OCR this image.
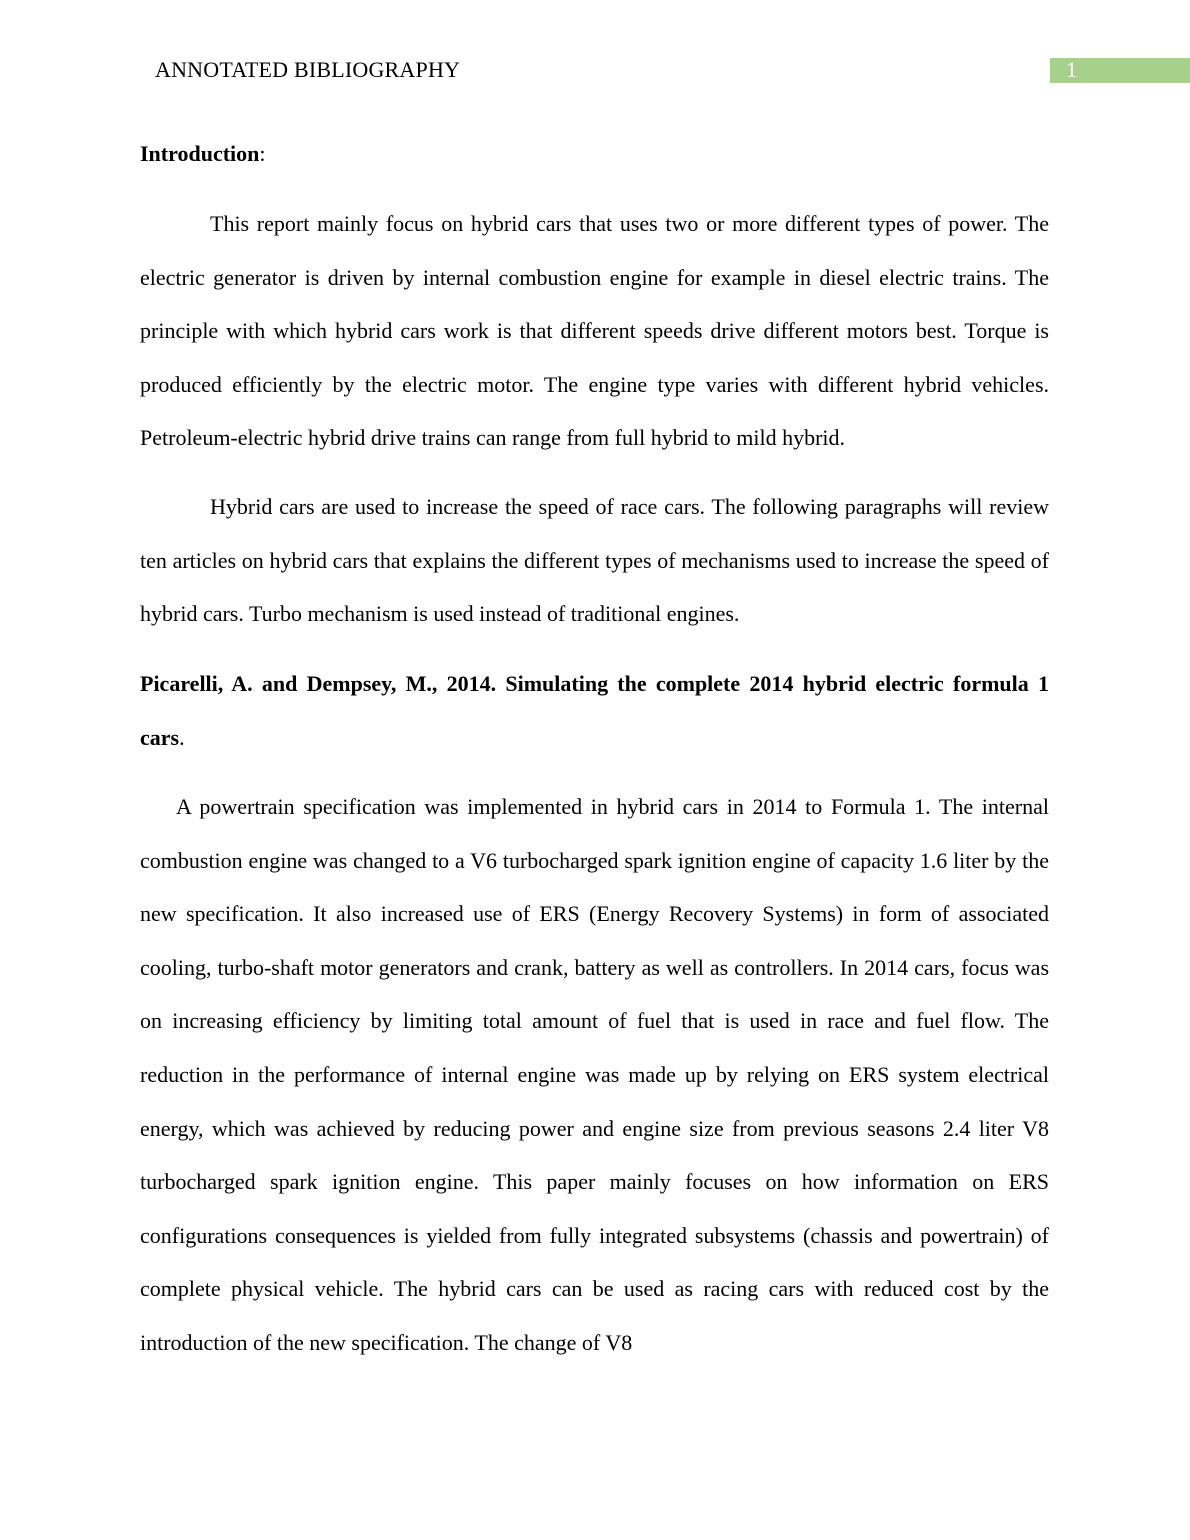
ANNOTATED BIBLIOGRAPHY	1
Introduction:
This report mainly focus on hybrid cars that uses two or more different types of power. The electric generator is driven by internal combustion engine for example in diesel electric trains. The principle with which hybrid cars work is that different speeds drive different motors best. Torque is produced efficiently by the electric motor. The engine type varies with different hybrid vehicles. Petroleum-electric hybrid drive trains can range from full hybrid to mild hybrid.
Hybrid cars are used to increase the speed of race cars. The following paragraphs will review ten articles on hybrid cars that explains the different types of mechanisms used to increase the speed of hybrid cars. Turbo mechanism is used instead of traditional engines.
Picarelli, A. and Dempsey, M., 2014. Simulating the complete 2014 hybrid electric formula 1 cars.
A powertrain specification was implemented in hybrid cars in 2014 to Formula 1. The internal combustion engine was changed to a V6 turbocharged spark ignition engine of capacity 1.6 liter by the new specification. It also increased use of ERS (Energy Recovery Systems) in form of associated cooling, turbo-shaft motor generators and crank, battery as well as controllers. In 2014 cars, focus was on increasing efficiency by limiting total amount of fuel that is used in race and fuel flow. The reduction in the performance of internal engine was made up by relying on ERS system electrical energy, which was achieved by reducing power and engine size from previous seasons 2.4 liter V8 turbocharged spark ignition engine. This paper mainly focuses on how information on ERS configurations consequences is yielded from fully integrated subsystems (chassis and powertrain) of complete physical vehicle. The hybrid cars can be used as racing cars with reduced cost by the introduction of the new specification. The change of V8
